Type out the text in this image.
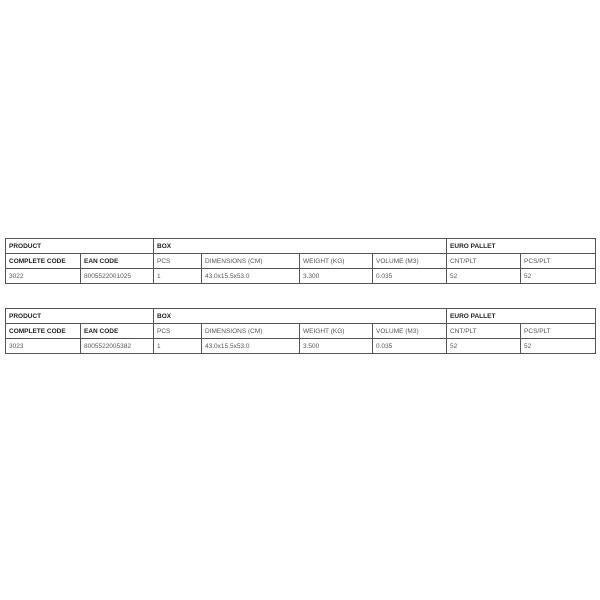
PRODUCT		BOX				EURO PALLET	
COMPLETE CODE	EAN CODE	PCS	DIMENSIONS (CM)	WEIGHT (KG)	VOLUME (M3)	CNT/PLT	PCS/PLT
3022	8005522001025	1	43.0x15.5x53.0	3.300	0.035	52	52
PRODUCT		BOX				EURO PALLET	
COMPLETE CODE	EAN CODE	PCS	DIMENSIONS (CM)	WEIGHT (KG)	VOLUME (M3)	CNT/PLT	PCS/PLT
3023	8005522005382	1	43.0x15.5x53.0	3.500	0.035	52	52
